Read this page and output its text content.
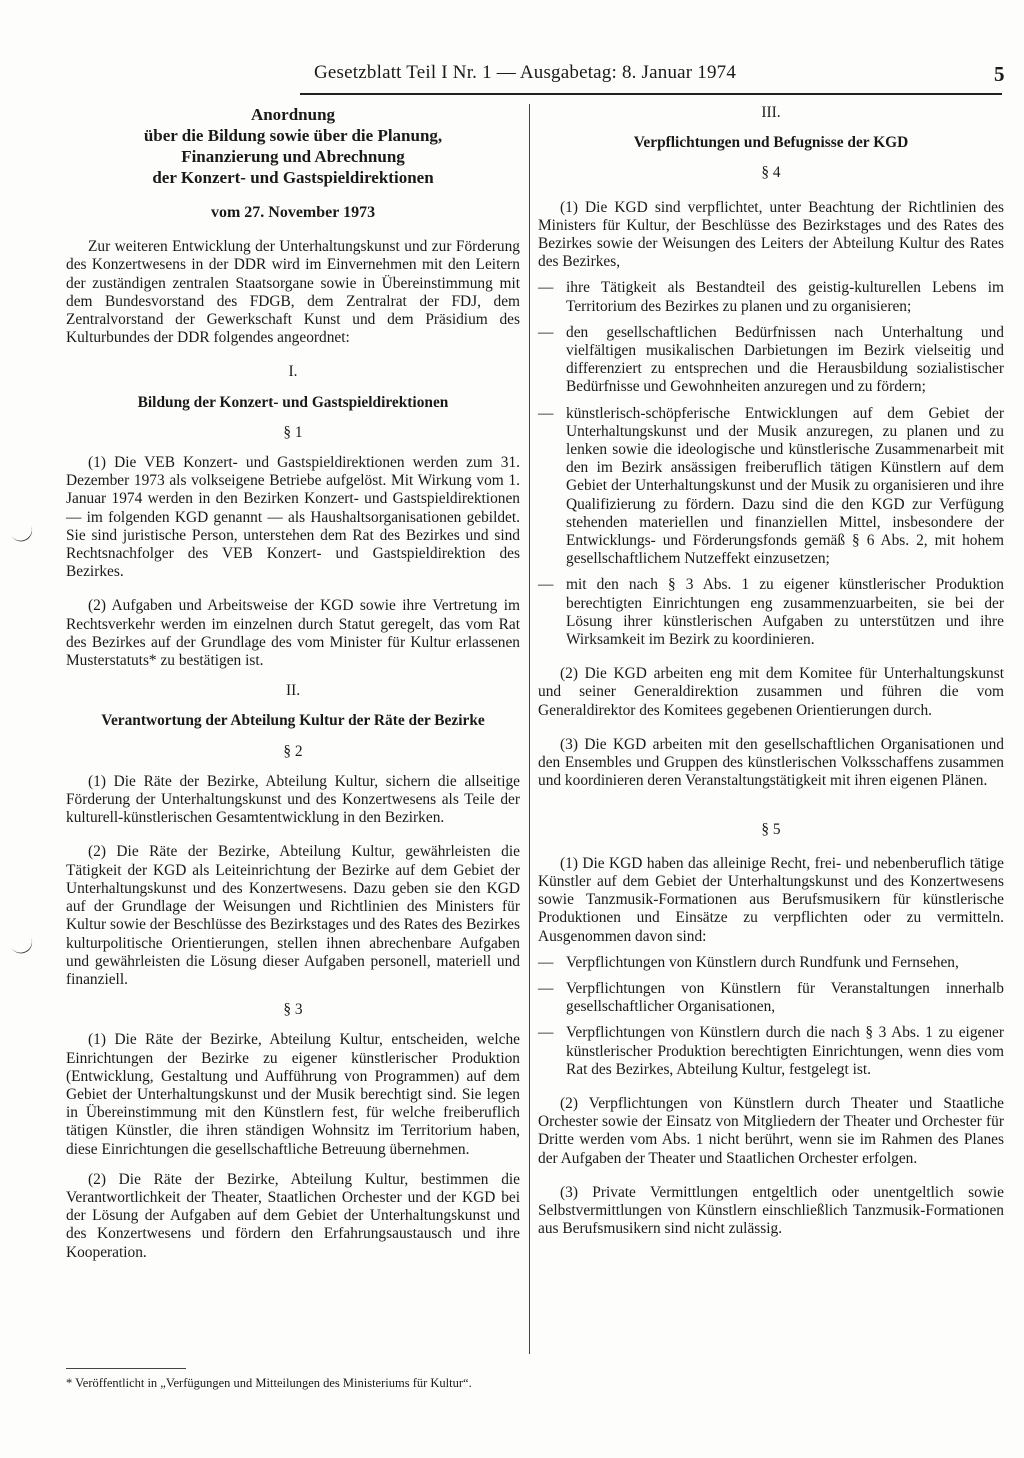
Gesetzblatt Teil I Nr. 1 — Ausgabetag: 8. Januar 1974	5
Anordnung
über die Bildung sowie über die Planung,
Finanzierung und Abrechnung
der Konzert- und Gastspieldirektionen
vom 27. November 1973

Zur weiteren Entwicklung der Unterhaltungskunst und zur Förderung des Konzertwesens in der DDR wird im Einvernehmen mit den Leitern der zuständigen zentralen Staatsorgane sowie in Übereinstimmung mit dem Bundesvorstand des FDGB, dem Zentralrat der FDJ, dem Zentralvorstand der Gewerkschaft Kunst und dem Präsidium des Kulturbundes der DDR folgendes angeordnet:

I.
Bildung der Konzert- und Gastspieldirektionen
§ 1

(1) Die VEB Konzert- und Gastspieldirektionen werden zum 31. Dezember 1973 als volkseigene Betriebe aufgelöst. Mit Wirkung vom 1. Januar 1974 werden in den Bezirken Konzert- und Gastspieldirektionen — im folgenden KGD genannt — als Haushaltsorganisationen gebildet. Sie sind juristische Person, unterstehen dem Rat des Bezirkes und sind Rechtsnachfolger des VEB Konzert- und Gastspieldirektion des Bezirkes.

(2) Aufgaben und Arbeitsweise der KGD sowie ihre Vertretung im Rechtsverkehr werden im einzelnen durch Statut geregelt, das vom Rat des Bezirkes auf der Grundlage des vom Minister für Kultur erlassenen Musterstatuts* zu bestätigen ist.

II.
Verantwortung der Abteilung Kultur der Räte der Bezirke
§ 2

(1) Die Räte der Bezirke, Abteilung Kultur, sichern die allseitige Förderung der Unterhaltungskunst und des Konzertwesens als Teile der kulturell-künstlerischen Gesamtentwicklung in den Bezirken.

(2) Die Räte der Bezirke, Abteilung Kultur, gewährleisten die Tätigkeit der KGD als Leiteinrichtung der Bezirke auf dem Gebiet der Unterhaltungskunst und des Konzertwesens. Dazu geben sie den KGD auf der Grundlage der Weisungen und Richtlinien des Ministers für Kultur sowie der Beschlüsse des Bezirkstages und des Rates des Bezirkes kulturpolitische Orientierungen, stellen ihnen abrechenbare Aufgaben und gewährleisten die Lösung dieser Aufgaben personell, materiell und finanziell.

§ 3

(1) Die Räte der Bezirke, Abteilung Kultur, entscheiden, welche Einrichtungen der Bezirke zu eigener künstlerischer Produktion (Entwicklung, Gestaltung und Aufführung von Programmen) auf dem Gebiet der Unterhaltungskunst und der Musik berechtigt sind. Sie legen in Übereinstimmung mit den Künstlern fest, für welche freiberuflich tätigen Künstler, die ihren ständigen Wohnsitz im Territorium haben, diese Einrichtungen die gesellschaftliche Betreuung übernehmen.

(2) Die Räte der Bezirke, Abteilung Kultur, bestimmen die Verantwortlichkeit der Theater, Staatlichen Orchester und der KGD bei der Lösung der Aufgaben auf dem Gebiet der Unterhaltungskunst und des Konzertwesens und fördern den Erfahrungsaustausch und ihre Kooperation.

* Veröffentlicht in „Verfügungen und Mitteilungen des Ministeriums für Kultur“.
III.
Verpflichtungen und Befugnisse der KGD
§ 4

(1) Die KGD sind verpflichtet, unter Beachtung der Richtlinien des Ministers für Kultur, der Beschlüsse des Bezirkstages und des Rates des Bezirkes sowie der Weisungen des Leiters der Abteilung Kultur des Rates des Bezirkes,

— ihre Tätigkeit als Bestandteil des geistig-kulturellen Lebens im Territorium des Bezirkes zu planen und zu organisieren;
— den gesellschaftlichen Bedürfnissen nach Unterhaltung und vielfältigen musikalischen Darbietungen im Bezirk vielseitig und differenziert zu entsprechen und die Herausbildung sozialistischer Bedürfnisse und Gewohnheiten anzuregen und zu fördern;
— künstlerisch-schöpferische Entwicklungen auf dem Gebiet der Unterhaltungskunst und der Musik anzuregen, zu planen und zu lenken sowie die ideologische und künstlerische Zusammenarbeit mit den im Bezirk ansässigen freiberuflich tätigen Künstlern auf dem Gebiet der Unterhaltungskunst und der Musik zu organisieren und ihre Qualifizierung zu fördern. Dazu sind die den KGD zur Verfügung stehenden materiellen und finanziellen Mittel, insbesondere der Entwicklungs- und Förderungsfonds gemäß § 6 Abs. 2, mit hohem gesellschaftlichem Nutzeffekt einzusetzen;
— mit den nach § 3 Abs. 1 zu eigener künstlerischer Produktion berechtigten Einrichtungen eng zusammenzuarbeiten, sie bei der Lösung ihrer künstlerischen Aufgaben zu unterstützen und ihre Wirksamkeit im Bezirk zu koordinieren.

(2) Die KGD arbeiten eng mit dem Komitee für Unterhaltungskunst und seiner Generaldirektion zusammen und führen die vom Generaldirektor des Komitees gegebenen Orientierungen durch.

(3) Die KGD arbeiten mit den gesellschaftlichen Organisationen und den Ensembles und Gruppen des künstlerischen Volksschaffens zusammen und koordinieren deren Veranstaltungstätigkeit mit ihren eigenen Plänen.

§ 5

(1) Die KGD haben das alleinige Recht, frei- und nebenberuflich tätige Künstler auf dem Gebiet der Unterhaltungskunst und des Konzertwesens sowie Tanzmusik-Formationen aus Berufsmusikern für künstlerische Produktionen und Einsätze zu verpflichten oder zu vermitteln. Ausgenommen davon sind:

— Verpflichtungen von Künstlern durch Rundfunk und Fernsehen,
— Verpflichtungen von Künstlern für Veranstaltungen innerhalb gesellschaftlicher Organisationen,
— Verpflichtungen von Künstlern durch die nach § 3 Abs. 1 zu eigener künstlerischer Produktion berechtigten Einrichtungen, wenn dies vom Rat des Bezirkes, Abteilung Kultur, festgelegt ist.

(2) Verpflichtungen von Künstlern durch Theater und Staatliche Orchester sowie der Einsatz von Mitgliedern der Theater und Orchester für Dritte werden vom Abs. 1 nicht berührt, wenn sie im Rahmen des Planes der Aufgaben der Theater und Staatlichen Orchester erfolgen.

(3) Private Vermittlungen entgeltlich oder unentgeltlich sowie Selbstvermittlungen von Künstlern einschließlich Tanzmusik-Formationen aus Berufsmusikern sind nicht zulässig.
